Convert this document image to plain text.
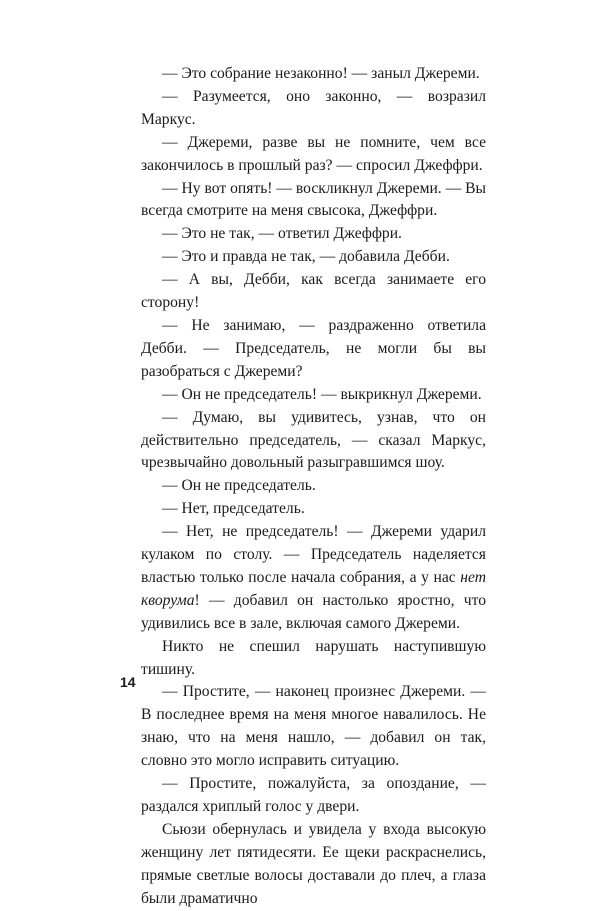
— Это собрание незаконно! — заныл Джереми.

— Разумеется, оно законно, — возразил Маркус.

— Джереми, разве вы не помните, чем все закончилось в прошлый раз? — спросил Джеффри.

— Ну вот опять! — воскликнул Джереми. — Вы всегда смотрите на меня свысока, Джеффри.

— Это не так, — ответил Джеффри.

— Это и правда не так, — добавила Дебби.

— А вы, Дебби, как всегда занимаете его сторону!

— Не занимаю, — раздраженно ответила Дебби. — Председатель, не могли бы вы разобраться с Джереми?

— Он не председатель! — выкрикнул Джереми.

— Думаю, вы удивитесь, узнав, что он действительно председатель, — сказал Маркус, чрезвычайно довольный разыгравшимся шоу.

— Он не председатель.

— Нет, председатель.

— Нет, не председатель! — Джереми ударил кулаком по столу. — Председатель наделяется властью только после начала собрания, а у нас нет кворума! — добавил он настолько яростно, что удивились все в зале, включая самого Джереми.

Никто не спешил нарушать наступившую тишину.

— Простите, — наконец произнес Джереми. — В последнее время на меня многое навалилось. Не знаю, что на меня нашло, — добавил он так, словно это могло исправить ситуацию.

— Простите, пожалуйста, за опоздание, — раздался хриплый голос у двери.

Сьюзи обернулась и увидела у входа высокую женщину лет пятидесяти. Ее щеки раскраснелись, прямые светлые волосы доставали до плеч, а глаза были драматично

14
